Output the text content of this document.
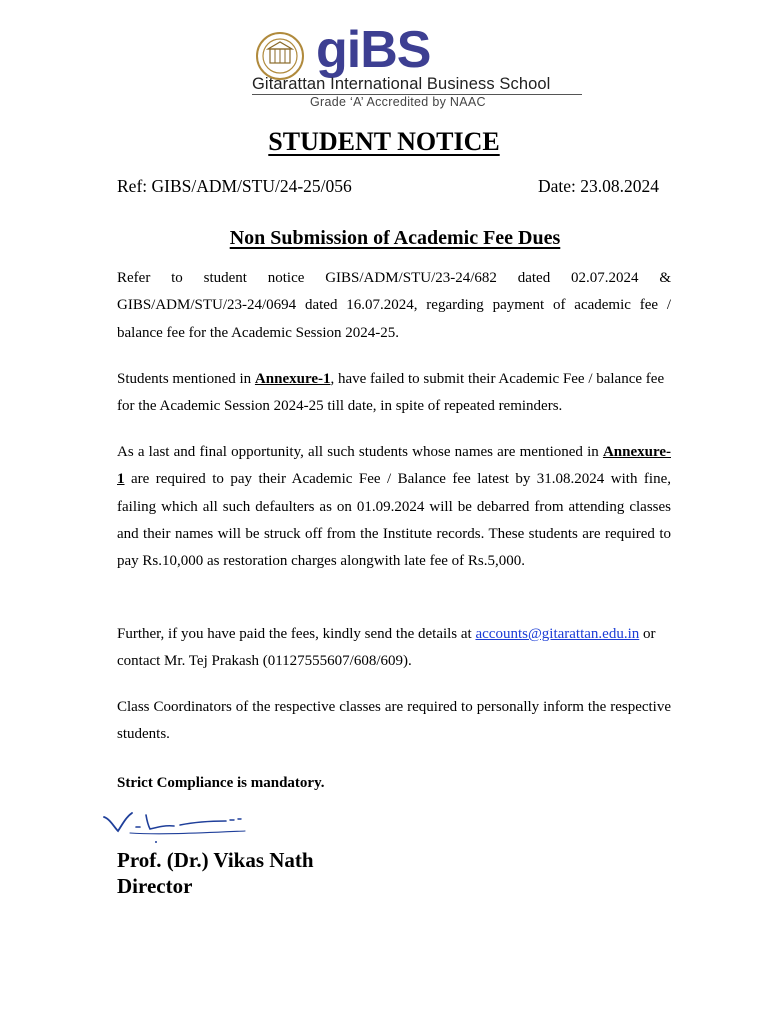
giBS
Gitarattan International Business School
Grade ‘A’ Accredited by NAAC
STUDENT NOTICE
Ref: GIBS/ADM/STU/24-25/056	Date: 23.08.2024
Non Submission of Academic Fee Dues
Refer to student notice GIBS/ADM/STU/23-24/682 dated 02.07.2024 &
GIBS/ADM/STU/23-24/0694 dated 16.07.2024, regarding payment of academic fee /
balance fee for the Academic Session 2024-25.
Students mentioned in Annexure-1, have failed to submit their Academic Fee / balance fee for the Academic Session 2024-25 till date, in spite of repeated reminders.
As a last and final opportunity, all such students whose names are mentioned in Annexure-1 are required to pay their Academic Fee / Balance fee latest by 31.08.2024 with fine, failing which all such defaulters as on 01.09.2024 will be debarred from attending classes and their names will be struck off from the Institute records. These students are required to pay Rs.10,000 as restoration charges alongwith late fee of Rs.5,000.
Further, if you have paid the fees, kindly send the details at accounts@gitarattan.edu.in or contact Mr. Tej Prakash (01127555607/608/609).
Class Coordinators of the respective classes are required to personally inform the respective students.
Strict Compliance is mandatory.
Prof. (Dr.) Vikas Nath
Director
